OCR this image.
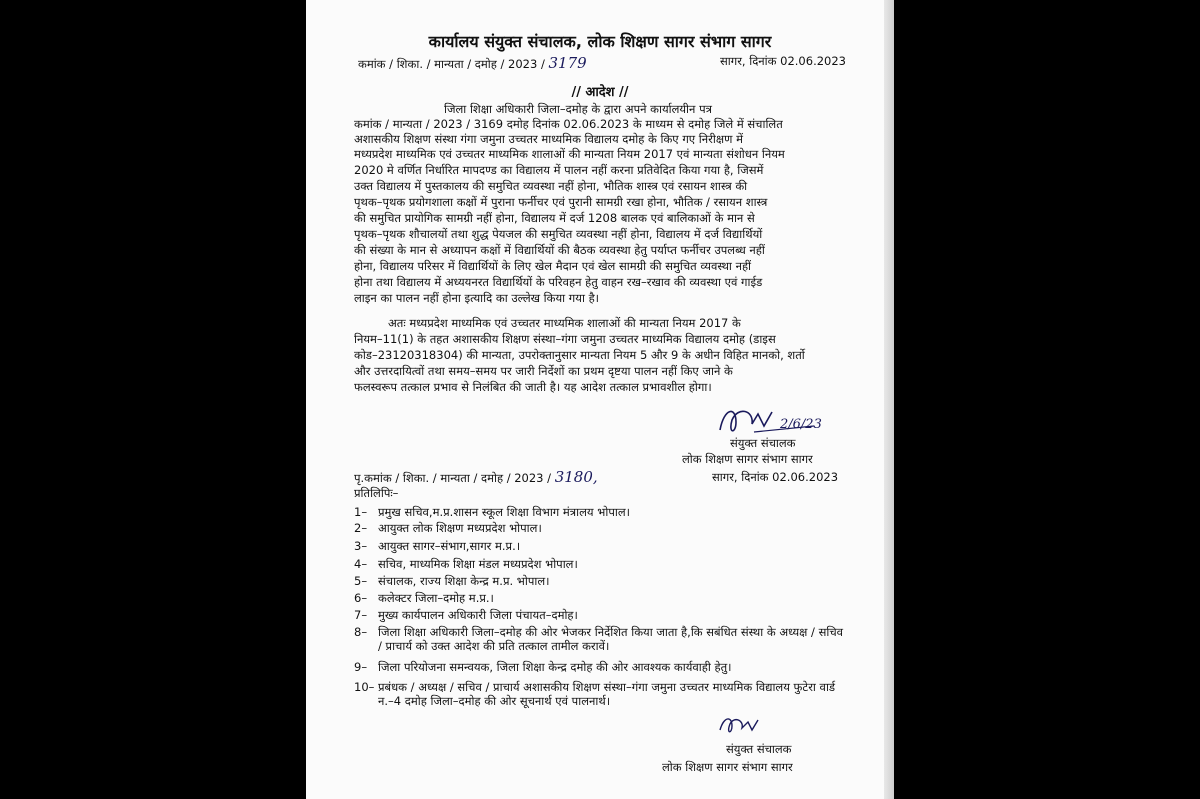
कार्यालय संयुक्त संचालक, लोक शिक्षण सागर संभाग सागर
कमांक / शिका. / मान्यता / दमोह / 2023 / 3179	सागर, दिनांक 02.06.2023
// आदेश //
जिला शिक्षा अधिकारी जिला–दमोह के द्वारा अपने कार्यालयीन पत्र
कमांक / मान्यता / 2023 / 3169 दमोह दिनांक 02.06.2023 के माध्यम से दमोह जिले में संचालित
अशासकीय शिक्षण संस्था गंगा जमुना उच्चतर माध्यमिक विद्यालय दमोह के किए गए निरीक्षण में
मध्यप्रदेश माध्यमिक एवं उच्चतर माध्यमिक शालाओं की मान्यता नियम 2017 एवं मान्यता संशोधन नियम
2020 मे वर्णित निर्धारित मापदण्ड का विद्यालय में पालन नहीं करना प्रतिवेदित किया गया है, जिसमें
उक्त विद्यालय में पुस्तकालय की समुचित व्यवस्था नहीं होना, भौतिक शास्त्र एवं रसायन शास्त्र की
पृथक–पृथक प्रयोगशाला कक्षों में पुराना फर्नीचर एवं पुरानी सामग्री रखा होना, भौतिक / रसायन शास्त्र
की समुचित प्रायोगिक सामग्री नहीं होना, विद्यालय में दर्ज 1208 बालक एवं बालिकाओं के मान से
पृथक–पृथक शौचालयों तथा शुद्ध पेयजल की समुचित व्यवस्था नहीं होना, विद्यालय में दर्ज विद्यार्थियों
की संख्या के मान से अध्यापन कक्षों में विद्यार्थियों की बैठक व्यवस्था हेतु पर्याप्त फर्नीचर उपलब्ध नहीं
होना, विद्यालय परिसर में विद्यार्थियों के लिए खेल मैदान एवं खेल सामग्री की समुचित व्यवस्था नहीं
होना तथा विद्यालय में अध्ययनरत विद्यार्थियों के परिवहन हेतु वाहन रख–रखाव की व्यवस्था एवं गाईड
लाइन का पालन नहीं होना इत्यादि का उल्लेख किया गया है।
अतः मध्यप्रदेश माध्यमिक एवं उच्चतर माध्यमिक शालाओं की मान्यता नियम 2017 के
नियम–11(1) के तहत अशासकीय शिक्षण संस्था–गंगा जमुना उच्चतर माध्यमिक विद्यालय दमोह (डाइस
कोड–23120318304) की मान्यता, उपरोक्तानुसार मान्यता नियम 5 और 9 के अधीन विहित मानको, शर्तो
और उत्तरदायित्वों तथा समय–समय पर जारी निर्देशों का प्रथम दृष्टया पालन नहीं किए जाने के
फलस्वरूप तत्काल प्रभाव से निलंबित की जाती है। यह आदेश तत्काल प्रभावशील होगा।
2/6/23
संयुक्त संचालक
लोक शिक्षण सागर संभाग सागर
सागर, दिनांक 02.06.2023
पृ.कमांक / शिका. / मान्यता / दमोह / 2023 / 3180,
प्रतिलिपिः–
1– प्रमुख सचिव,म.प्र.शासन स्कूल शिक्षा विभाग मंत्रालय भोपाल।
2– आयुक्त लोक शिक्षण मध्यप्रदेश भोपाल।
3– आयुक्त सागर–संभाग,सागर म.प्र.।
4– सचिव, माध्यमिक शिक्षा मंडल मध्यप्रदेश भोपाल।
5– संचालक, राज्य शिक्षा केन्द्र म.प्र. भोपाल।
6– कलेक्टर जिला–दमोह म.प्र.।
7– मुख्य कार्यपालन अधिकारी जिला पंचायत–दमोह।
8– जिला शिक्षा अधिकारी जिला–दमोह की ओर भेजकर निर्देशित किया जाता है,कि सबंधित संस्था के अध्यक्ष / सचिव / प्राचार्य को उक्त आदेश की प्रति तत्काल तामील करावें।
9– जिला परियोजना समन्वयक, जिला शिक्षा केन्द्र दमोह की ओर आवश्यक कार्यवाही हेतु।
10– प्रबंधक / अध्यक्ष / सचिव / प्राचार्य अशासकीय शिक्षण संस्था–गंगा जमुना उच्चतर माध्यमिक विद्यालय फुटेरा वार्ड न.–4 दमोह जिला–दमोह की ओर सूचनार्थ एवं पालनार्थ।
संयुक्त संचालक
लोक शिक्षण सागर संभाग सागर
